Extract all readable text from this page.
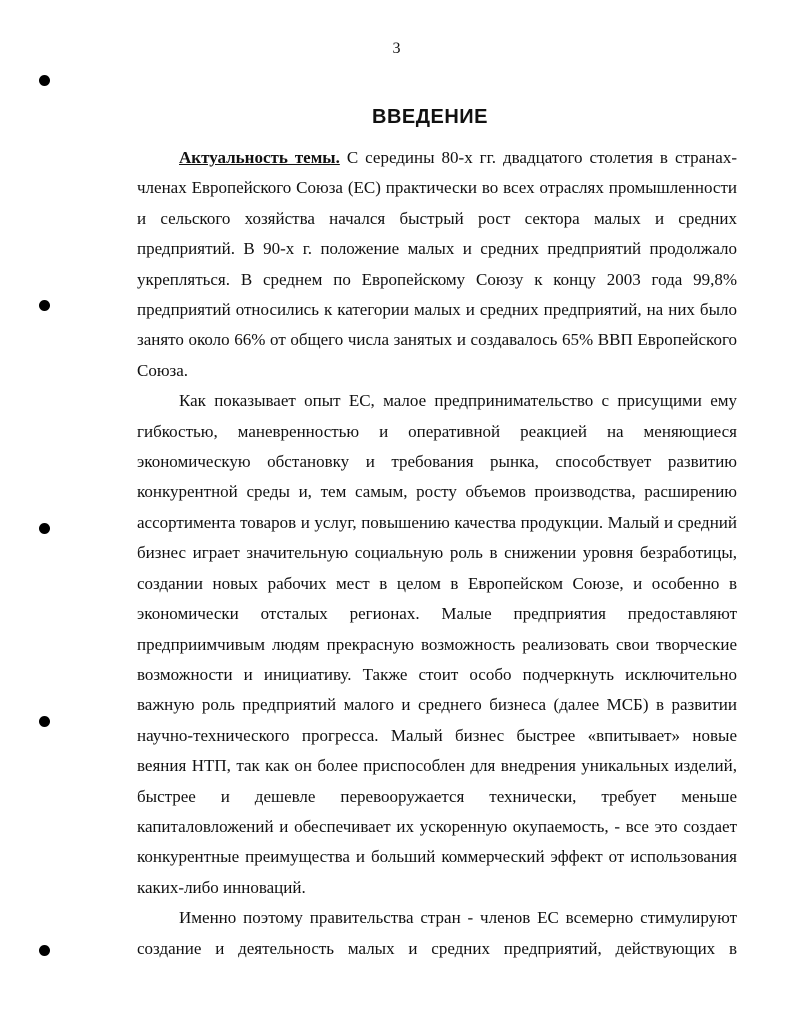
3
ВВЕДЕНИЕ

Актуальность темы. С середины 80-х гг. двадцатого столетия в странах-членах Европейского Союза (ЕС) практически во всех отраслях промышленности и сельского хозяйства начался быстрый рост сектора малых и средних предприятий. В 90-х г. положение малых и средних предприятий продолжало укрепляться. В среднем по Европейскому Союзу к концу 2003 года 99,8% предприятий относились к категории малых и средних предприятий, на них было занято около 66% от общего числа занятых и создавалось 65% ВВП Европейского Союза.

Как показывает опыт ЕС, малое предпринимательство с присущими ему гибкостью, маневренностью и оперативной реакцией на меняющиеся экономическую обстановку и требования рынка, способствует развитию конкурентной среды и, тем самым, росту объемов производства, расширению ассортимента товаров и услуг, повышению качества продукции. Малый и средний бизнес играет значительную социальную роль в снижении уровня безработицы, создании новых рабочих мест в целом в Европейском Союзе, и особенно в экономически отсталых регионах. Малые предприятия предоставляют предприимчивым людям прекрасную возможность реализовать свои творческие возможности и инициативу. Также стоит особо подчеркнуть исключительно важную роль предприятий малого и среднего бизнеса (далее МСБ) в развитии научно-технического прогресса. Малый бизнес быстрее «впитывает» новые веяния НТП, так как он более приспособлен для внедрения уникальных изделий, быстрее и дешевле перевооружается технически, требует меньше капиталовложений и обеспечивает их ускоренную окупаемость, - все это создает конкурентные преимущества и больший коммерческий эффект от использования каких-либо инноваций.

Именно поэтому правительства стран - членов ЕС всемерно стимулируют создание и деятельность малых и средних предприятий, действующих в
